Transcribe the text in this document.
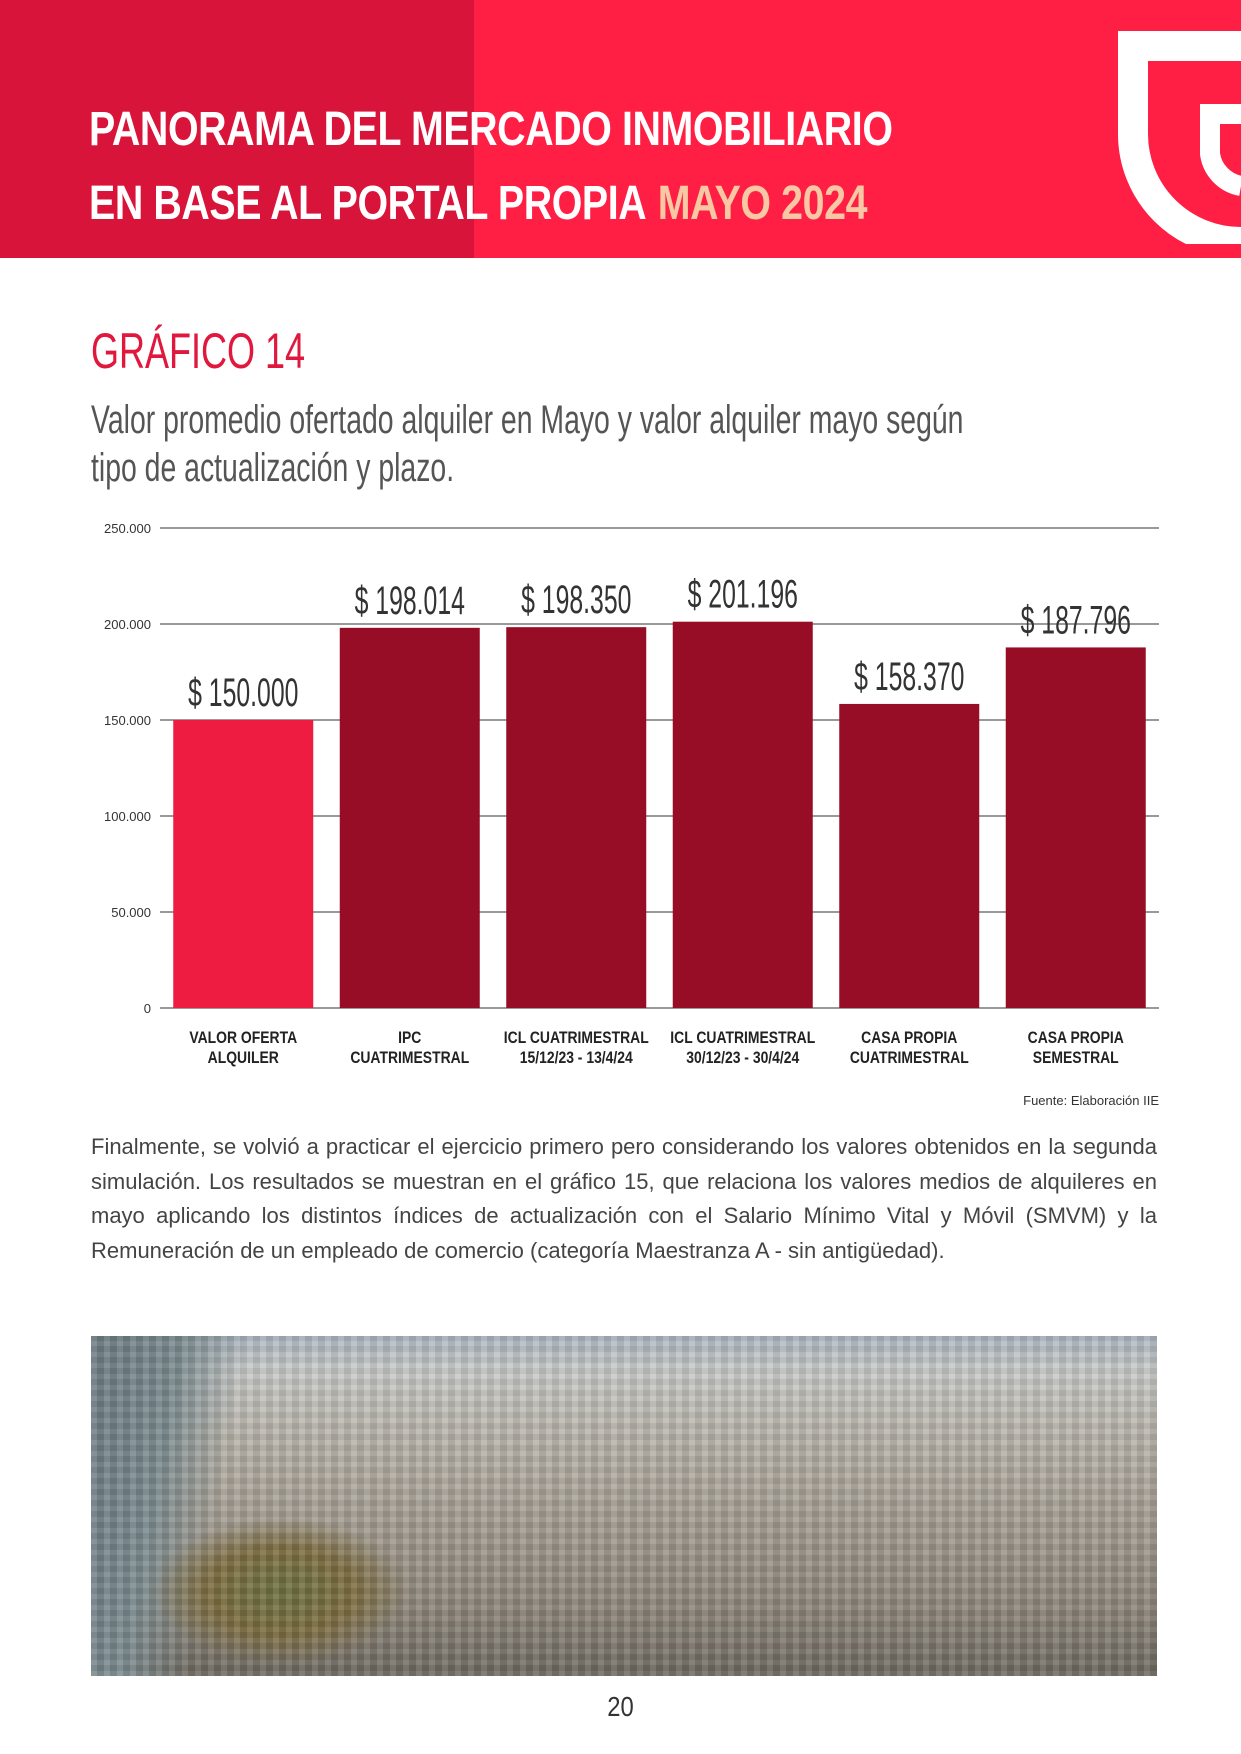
PANORAMA DEL MERCADO INMOBILIARIO

EN BASE AL PORTAL PROPIA MAYO 2024

GRÁFICO 14
Valor promedio ofertado alquiler en Mayo y valor alquiler mayo según tipo de actualización y plazo.
0
50.000
100.000
150.000
200.000
250.000
$ 150.000
$ 198.014 $ 198.350 $ 201.196
$ 158.370
$ 187.796
VALOR OFERTA
ALQUILER
IPC
CUATRIMESTRAL
ICL CUATRIMESTRAL
15/12/23 - 13/4/24
ICL CUATRIMESTRAL
30/12/23 - 30/4/24
CASA PROPIA
CUATRIMESTRAL
CASA PROPIA
SEMESTRAL

Fuente: Elaboración IIE

Finalmente, se volvió a practicar el ejercicio primero pero considerando los valores obtenidos en la segunda simulación. Los resultados se muestran en el gráfico 15, que relaciona los valores medios de alquileres en mayo aplicando los distintos índices de actualización con el Salario Mínimo Vital y Móvil (SMVM) y la Remuneración de un empleado de comercio (categoría Maestranza A - sin antigüedad).

20
